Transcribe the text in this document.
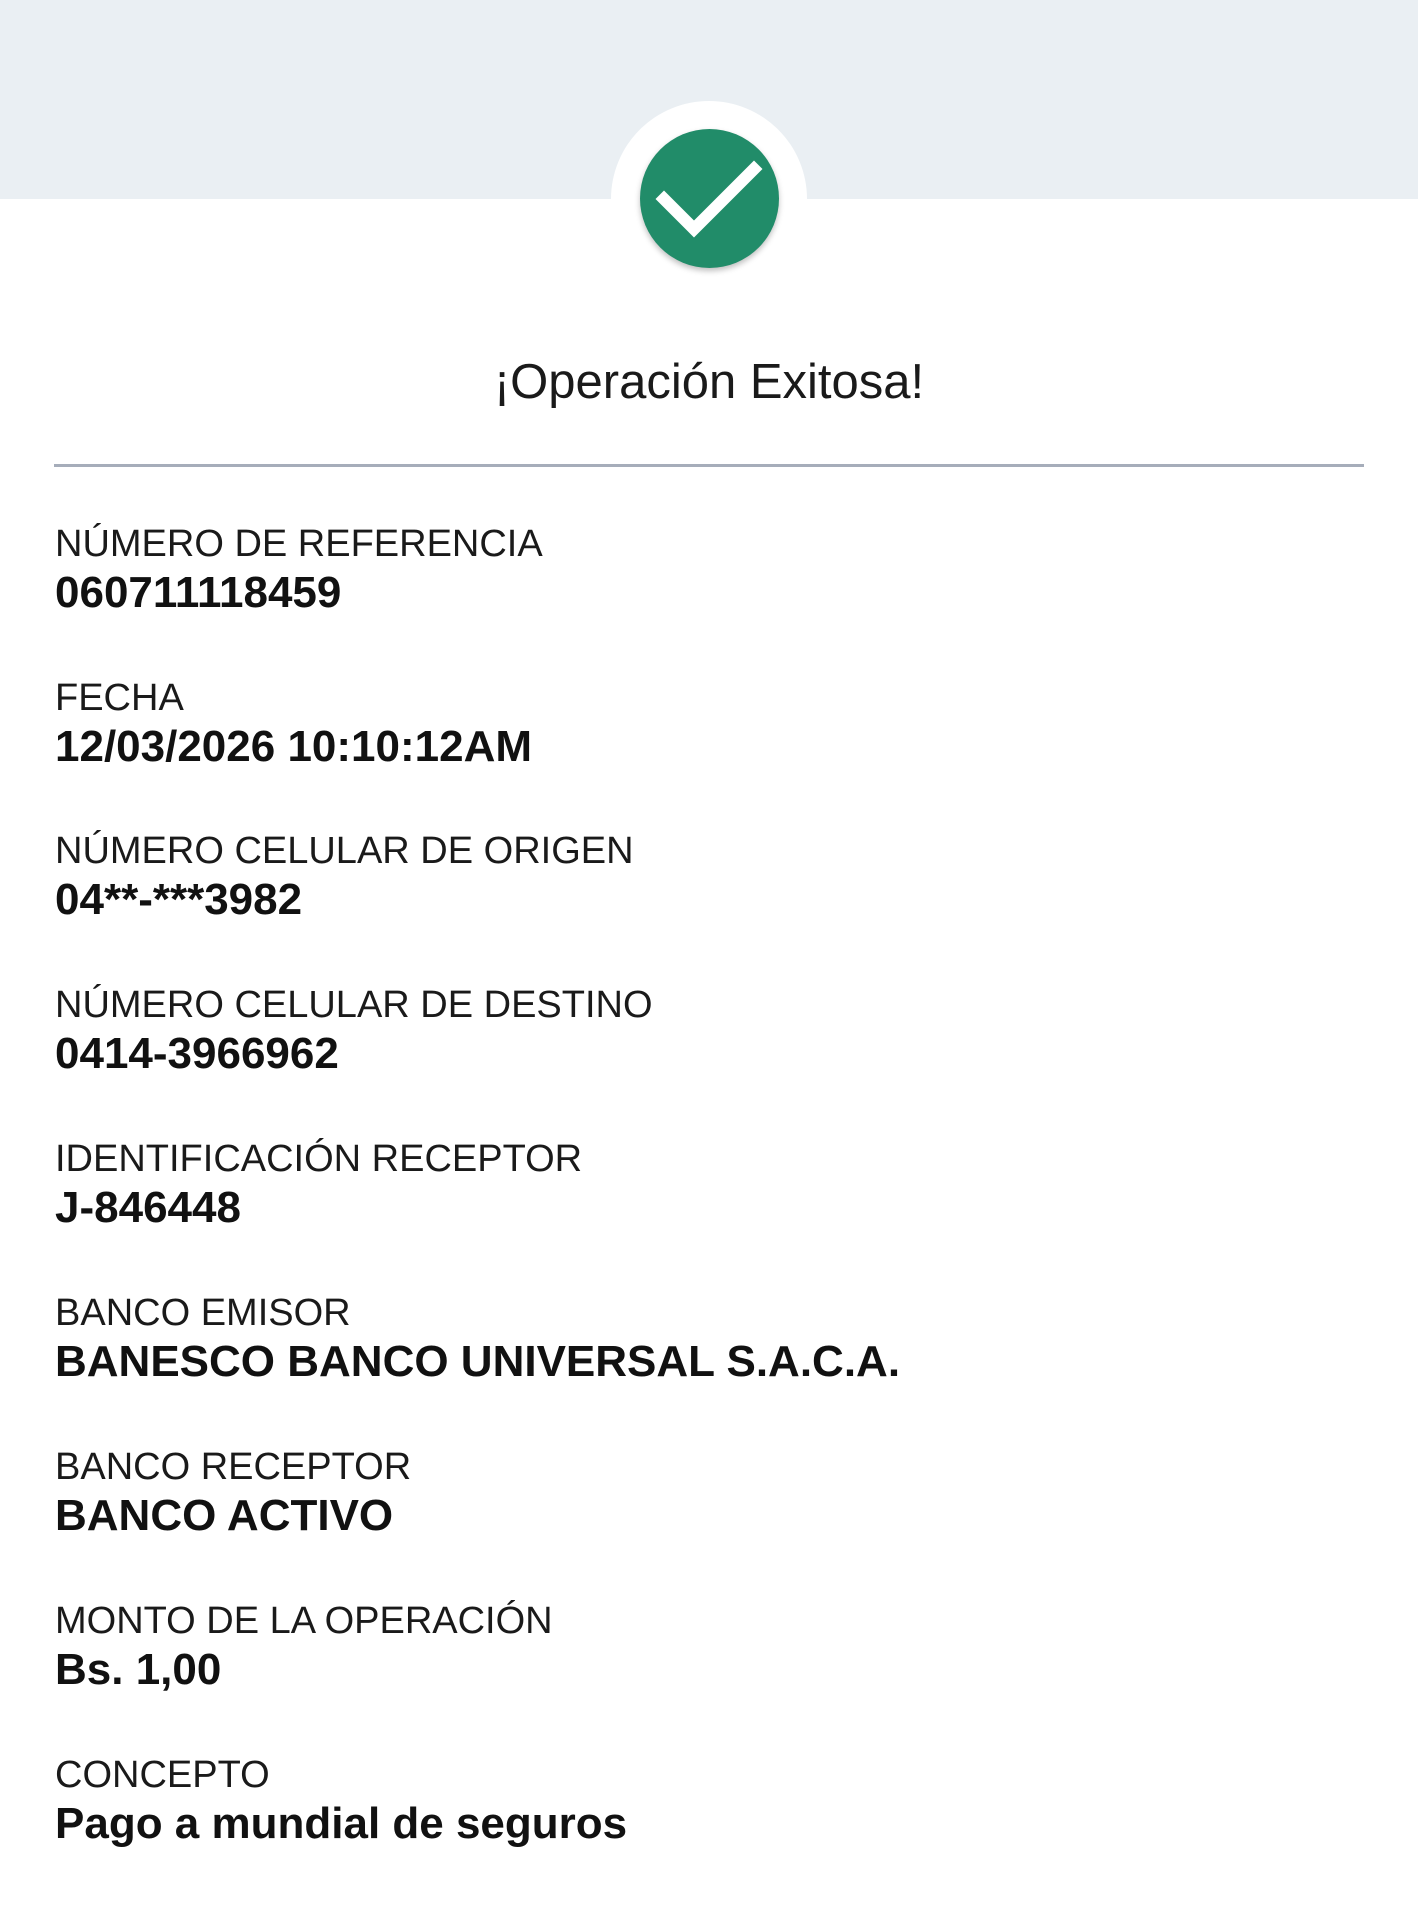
¡Operación Exitosa!
NÚMERO DE REFERENCIA
060711118459
FECHA
12/03/2026 10:10:12AM
NÚMERO CELULAR DE ORIGEN
04**-***3982
NÚMERO CELULAR DE DESTINO
0414-3966962
IDENTIFICACIÓN RECEPTOR
J-846448
BANCO EMISOR
BANESCO BANCO UNIVERSAL S.A.C.A.
BANCO RECEPTOR
BANCO ACTIVO
MONTO DE LA OPERACIÓN
Bs. 1,00
CONCEPTO
Pago a mundial de seguros
